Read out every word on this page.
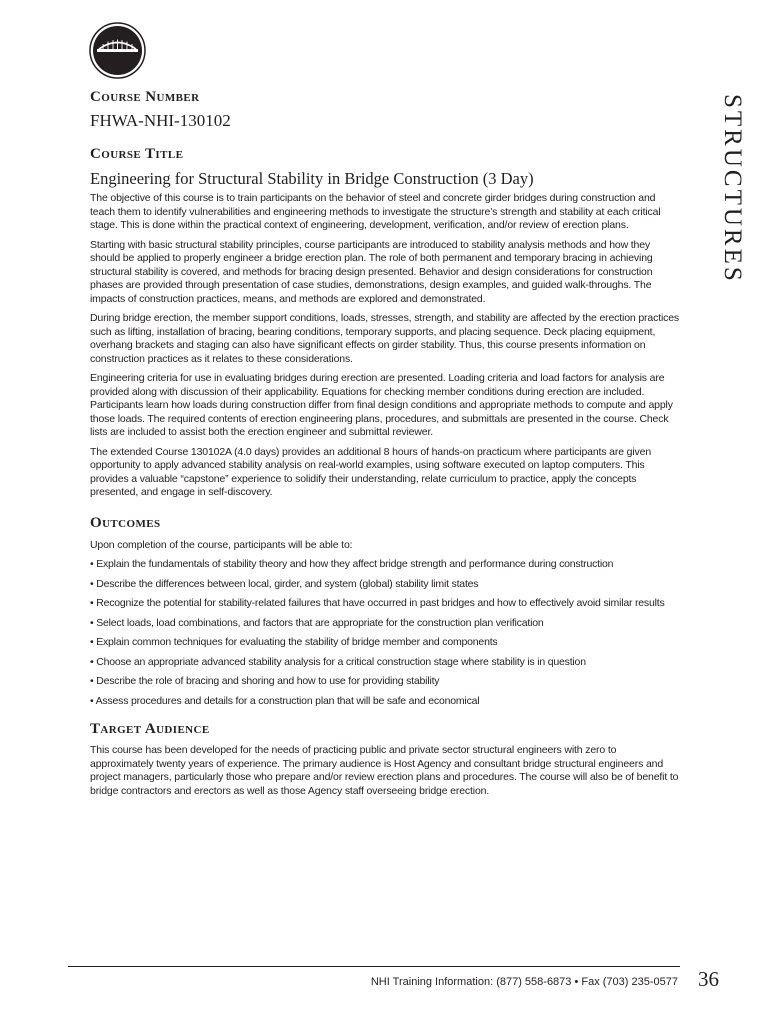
STRUCTURES
Course Number
FHWA-NHI-130102
Course Title
Engineering for Structural Stability in Bridge Construction (3 Day)

The objective of this course is to train participants on the behavior of steel and concrete girder bridges during construction and teach them to identify vulnerabilities and engineering methods to investigate the structure’s strength and stability at each critical stage. This is done within the practical context of engineering, development, verification, and/or review of erection plans.

Starting with basic structural stability principles, course participants are introduced to stability analysis methods and how they should be applied to properly engineer a bridge erection plan. The role of both permanent and temporary bracing in achieving structural stability is covered, and methods for bracing design presented. Behavior and design considerations for construction phases are provided through presentation of case studies, demonstrations, design examples, and guided walk-throughs. The impacts of construction practices, means, and methods are explored and demonstrated.

During bridge erection, the member support conditions, loads, stresses, strength, and stability are affected by the erection practices such as lifting, installation of bracing, bearing conditions, temporary supports, and placing sequence. Deck placing equipment, overhang brackets and staging can also have significant effects on girder stability. Thus, this course presents information on construction practices as it relates to these considerations.

Engineering criteria for use in evaluating bridges during erection are presented. Loading criteria and load factors for analysis are provided along with discussion of their applicability. Equations for checking member conditions during erection are included. Participants learn how loads during construction differ from final design conditions and appropriate methods to compute and apply those loads. The required contents of erection engineering plans, procedures, and submittals are presented in the course. Check lists are included to assist both the erection engineer and submittal reviewer.

The extended Course 130102A (4.0 days) provides an additional 8 hours of hands-on practicum where participants are given opportunity to apply advanced stability analysis on real-world examples, using software executed on laptop computers. This provides a valuable “capstone” experience to solidify their understanding, relate curriculum to practice, apply the concepts presented, and engage in self-discovery.

Outcomes
Upon completion of the course, participants will be able to:
• Explain the fundamentals of stability theory and how they affect bridge strength and performance during construction
• Describe the differences between local, girder, and system (global) stability limit states
• Recognize the potential for stability-related failures that have occurred in past bridges and how to effectively avoid similar results
• Select loads, load combinations, and factors that are appropriate for the construction plan verification
• Explain common techniques for evaluating the stability of bridge member and components
• Choose an appropriate advanced stability analysis for a critical construction stage where stability is in question
• Describe the role of bracing and shoring and how to use for providing stability
• Assess procedures and details for a construction plan that will be safe and economical
Target Audience
This course has been developed for the needs of practicing public and private sector structural engineers with zero to approximately twenty years of experience. The primary audience is Host Agency and consultant bridge structural engineers and project managers, particularly those who prepare and/or review erection plans and procedures. The course will also be of benefit to bridge contractors and erectors as well as those Agency staff overseeing bridge erection.
NHI Training Information: (877) 558-6873 • Fax (703) 235-0577 36
